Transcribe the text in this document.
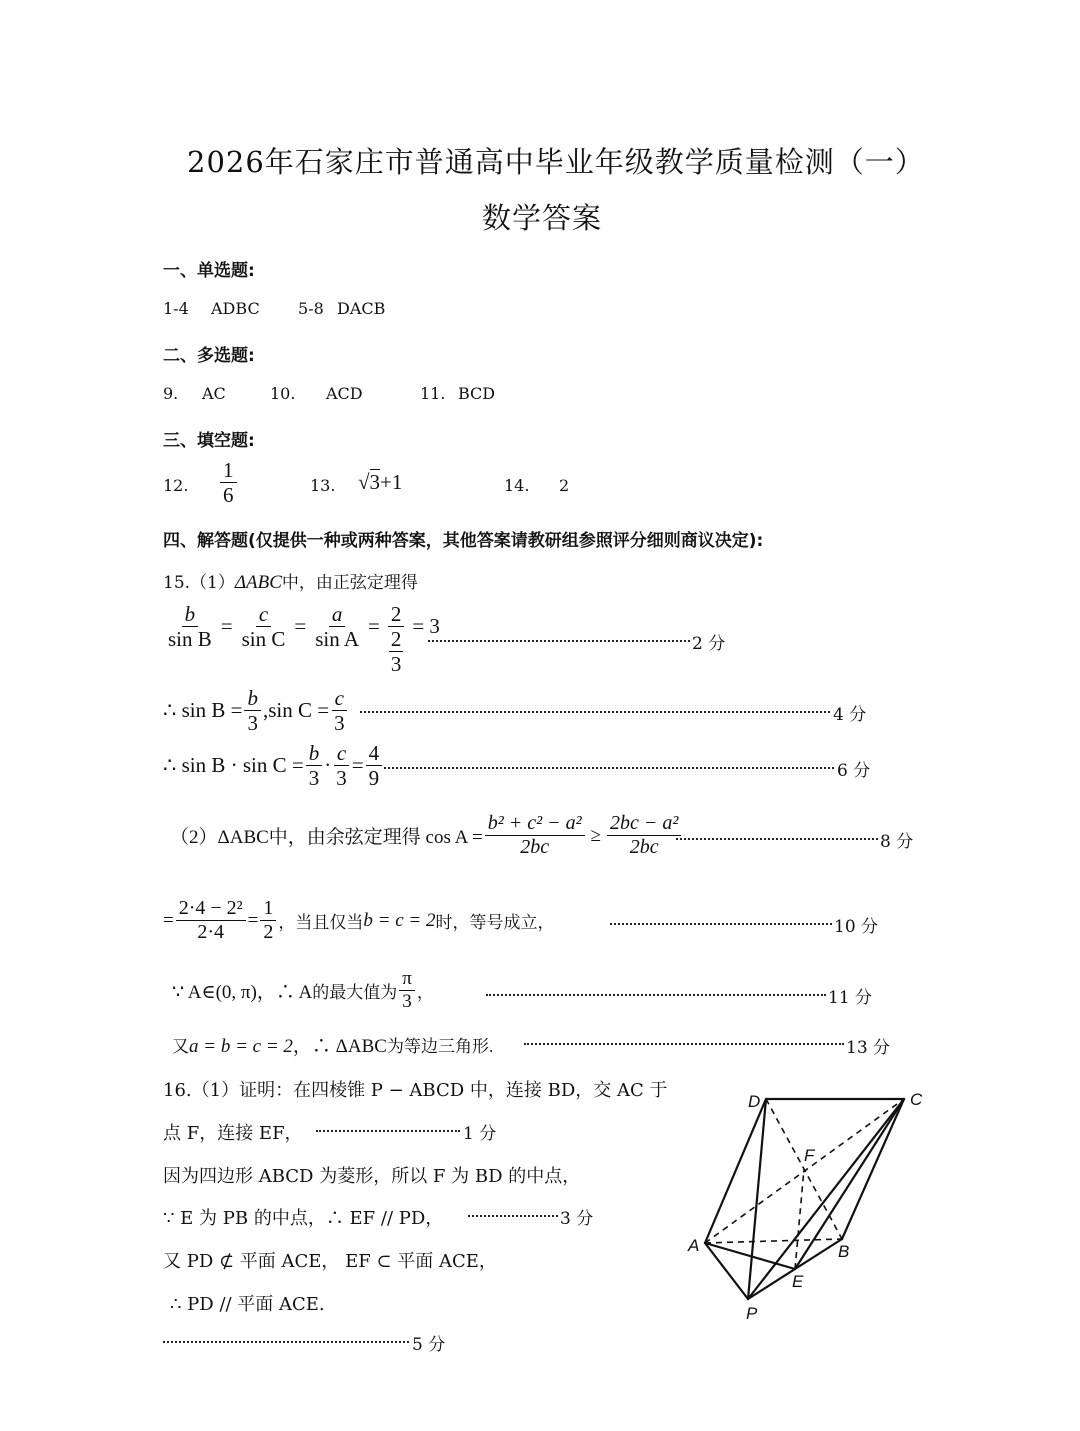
2026年石家庄市普通高中毕业年级教学质量检测（一）
数学答案
一、单选题:
1-4 ADBC 5-8 DACB
二、多选题:
9. AC	10. ACD	11. BCD
三、填空题:
12. $\frac{1}{6}$	13. √3+1	14. 2
四、解答题(仅提供一种或两种答案，其他答案请教研组参照评分细则商议决定):
15.（1）ΔABC中，由正弦定理得
$\frac{b}{\text{sin B}} = \frac{c}{\text{sin C}} = \frac{a}{\text{sin A}} = \frac{2}{\frac{2}{3}} = 3$
2 分
∴ $\sin B = \frac{b}{3} ,\sin$ $C = \frac{c}{3}$	4 分
∴ $\sin B \cdot \sin C = \frac{b}{3} \cdot \frac{c}{3} = \frac{4}{9}$	6 分
（2）ΔABC中，由余弦定理得 $\cos A = \frac{\text{b² + c² − a²}}{2bc} \ge \frac{\text{2bc − a²}}{2bc}$	8 分
= $\frac{\text{2·4 − 2²}}{2\cdot 4} = \frac{1}{2}$ ，当且仅当 b = c = 2 时，等号成立，	10 分
∵ A∈(0, π)，∴ A 的最大值为 $\frac{\pi}{3}$ ，	11 分
又a = b = c = 2，∴ ΔABC为等边三角形.	13 分
16.（1）证明：在四棱锥 P − ABCD 中，连接 BD，交 AC 于
点 F，连接 EF，	1 分
因为四边形 ABCD 为菱形，所以 F 为 BD 的中点，
∵ E 为 PB 的中点，∴ EF // PD，	3 分
又 PD ⊄ 平面 ACE， EF ⊂ 平面 ACE，
∴ PD // 平面 ACE.
5 分
D	C
F
A	B
E
P
